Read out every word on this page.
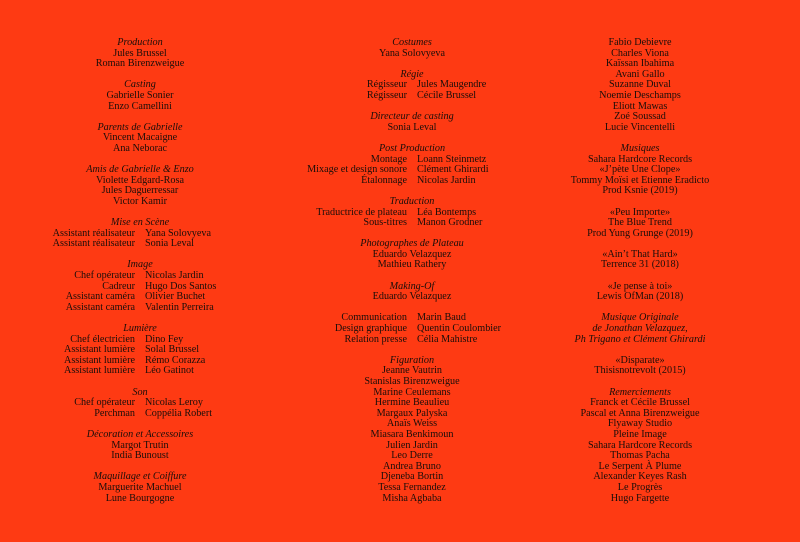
Production
Jules Brussel
Roman Birenzweigue
Casting
Gabrielle Sonier
Enzo Camellini
Parents de Gabrielle
Vincent Macaigne
Ana Neborac
Amis de Gabrielle & Enzo
Violette Edgard-Rosa
Jules Daguerressar
Victor Kamir
Mise en Scène
Assistant réalisateur Yana Solovyeva
Assistant réalisateur Sonia Leval
Image
Chef opérateur Nicolas Jardin
Cadreur Hugo Dos Santos
Assistant caméra Olivier Buchet
Assistant caméra Valentin Perreira
Lumière
Chef électricien Dino Fey
Assistant lumière Solal Brussel
Assistant lumière Rémo Corazza
Assistant lumière Léo Gatinot
Son
Chef opérateur Nicolas Leroy
Perchman Coppélia Robert
Décoration et Accessoires
Margot Trutin
India Bunoust
Maquillage et Coiffure
Marguerite Machuel
Lune Bourgogne
Costumes
Yana Solovyeva
Régie
Régisseur Jules Maugendre
Régisseur Cécile Brussel
Directeur de casting
Sonia Leval
Post Production
Montage Loann Steinmetz
Mixage et design sonore Clément Ghirardi
Étalonnage Nicolas Jardin
Traduction
Traductrice de plateau Léa Bontemps
Sous-titres Manon Grodner
Photographes de Plateau
Eduardo Velazquez
Mathieu Rathery
Making-Of
Eduardo Velazquez
Communication Marin Baud
Design graphique Quentin Coulombier
Relation presse Célia Mahistre
Figuration
Jeanne Vautrin
Stanislas Birenzweigue
Marine Ceulemans
Hermine Beaulieu
Margaux Palyska
Anaïs Weiss
Miasara Benkimoun
Julien Jardin
Leo Derre
Andrea Bruno
Djeneba Bortin
Tessa Fernandez
Misha Agbaba
Fabio Debievre
Charles Viona
Kaïssan Ibahima
Avani Gallo
Suzanne Duval
Noemie Deschamps
Eliott Mawas
Zoé Soussad
Lucie Vincentelli
Musiques
Sahara Hardcore Records
«J’pète Une Clope»
Tommy Moïsi et Etienne Eradicto
Prod Ksnie (2019)
«Peu Importe»
The Blue Trend
Prod Yung Grunge (2019)
«Ain’t That Hard»
Terrence 31 (2018)
«Je pense à toi»
Lewis OfMan (2018)
Musique Originale
de Jonathan Velazquez,
Ph Trigano et Clément Ghirardi
«Disparate»
Thisisnotrevolt (2015)
Remerciements
Franck et Cécile Brussel
Pascal et Anna Birenzweigue
Flyaway Studio
Pleine Image
Sahara Hardcore Records
Thomas Pacha
Le Serpent À Plume
Alexander Keyes Rash
Le Progrès
Hugo Fargette
